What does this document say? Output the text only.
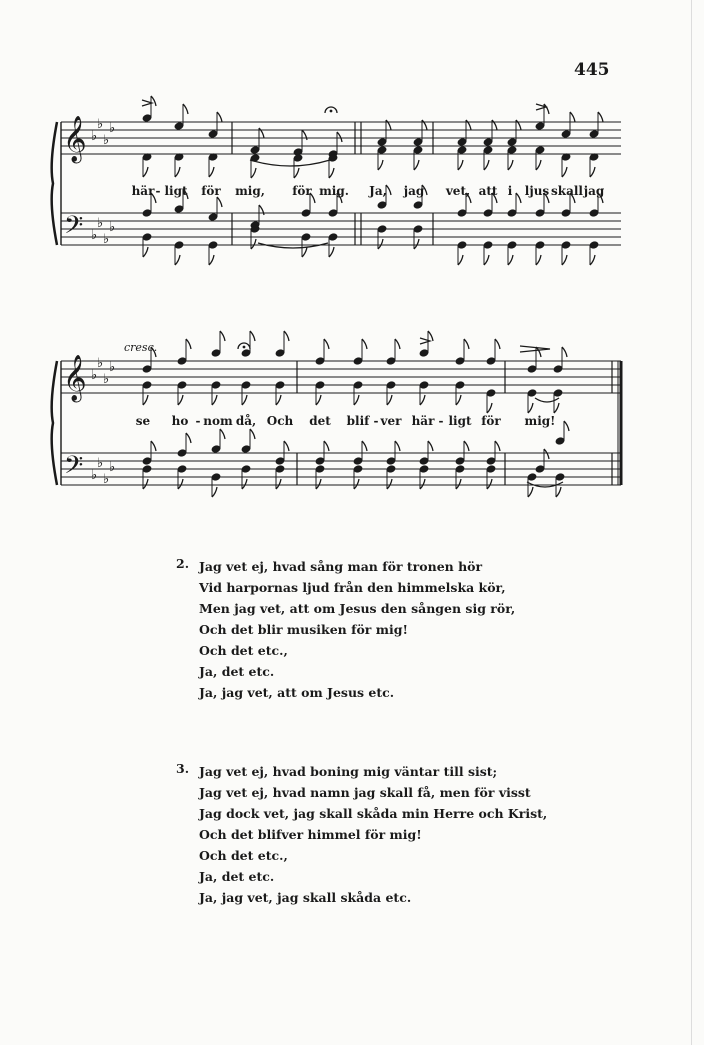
445
𝄞
𝄢
♭
♭
♭
♭
♭
♭
♭
♭
𝄞
𝄢
♭
♭
♭
♭
♭
♭
♭
♭
här - ligt för mig, för mig. Ja, jag vet, att i ljus skall jag
cresc.
se ho - nom då, Och det blif - ver här - ligt för mig!
2. Jag vet ej, hvad sång man för tronen hör
Vid harpornas ljud från den himmelska kör,
Men jag vet, att om Jesus den sången sig rör,
Och det blir musiken för mig!
Och det etc.,
Ja, det etc.
Ja, jag vet, att om Jesus etc.
3. Jag vet ej, hvad boning mig väntar till sist;
Jag vet ej, hvad namn jag skall få, men för visst
Jag dock vet, jag skall skåda min Herre och Krist,
Och det blifver himmel för mig!
Och det etc.,
Ja, det etc.
Ja, jag vet, jag skall skåda etc.
